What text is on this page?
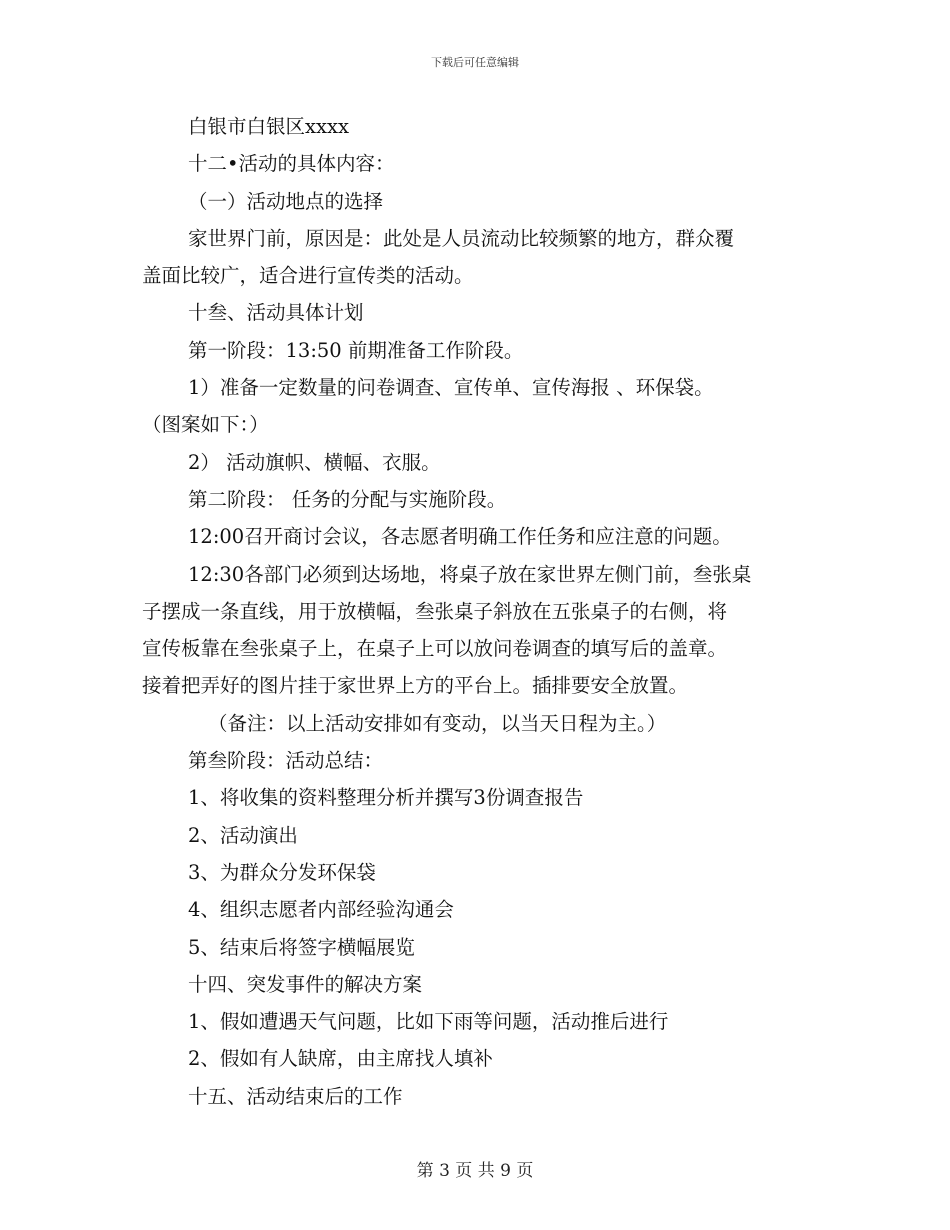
下载后可任意编辑
白银市白银区xxxx
十二•活动的具体内容：
（一）活动地点的选择
家世界门前，原因是：此处是人员流动比较频繁的地方，群众覆
盖面比较广，适合进行宣传类的活动。
十叁、活动具体计划
第一阶段：13:50 前期准备工作阶段。
1）准备一定数量的问卷调查、宣传单、宣传海报 、环保袋。
（图案如下：）
2） 活动旗帜、横幅、衣服。
第二阶段： 任务的分配与实施阶段。
12:00召开商讨会议，各志愿者明确工作任务和应注意的问题。
12:30各部门必须到达场地，将桌子放在家世界左侧门前，叁张桌
子摆成一条直线，用于放横幅，叁张桌子斜放在五张桌子的右侧，将
宣传板靠在叁张桌子上，在桌子上可以放问卷调查的填写后的盖章。
接着把弄好的图片挂于家世界上方的平台上。插排要安全放置。
（备注：以上活动安排如有变动，以当天日程为主。）
第叁阶段：活动总结：
1、将收集的资料整理分析并撰写3份调查报告
2、活动演出
3、为群众分发环保袋
4、组织志愿者内部经验沟通会
5、结束后将签字横幅展览
十四、突发事件的解决方案
1、假如遭遇天气问题，比如下雨等问题，活动推后进行
2、假如有人缺席，由主席找人填补
十五、活动结束后的工作
第 3 页 共 9 页
